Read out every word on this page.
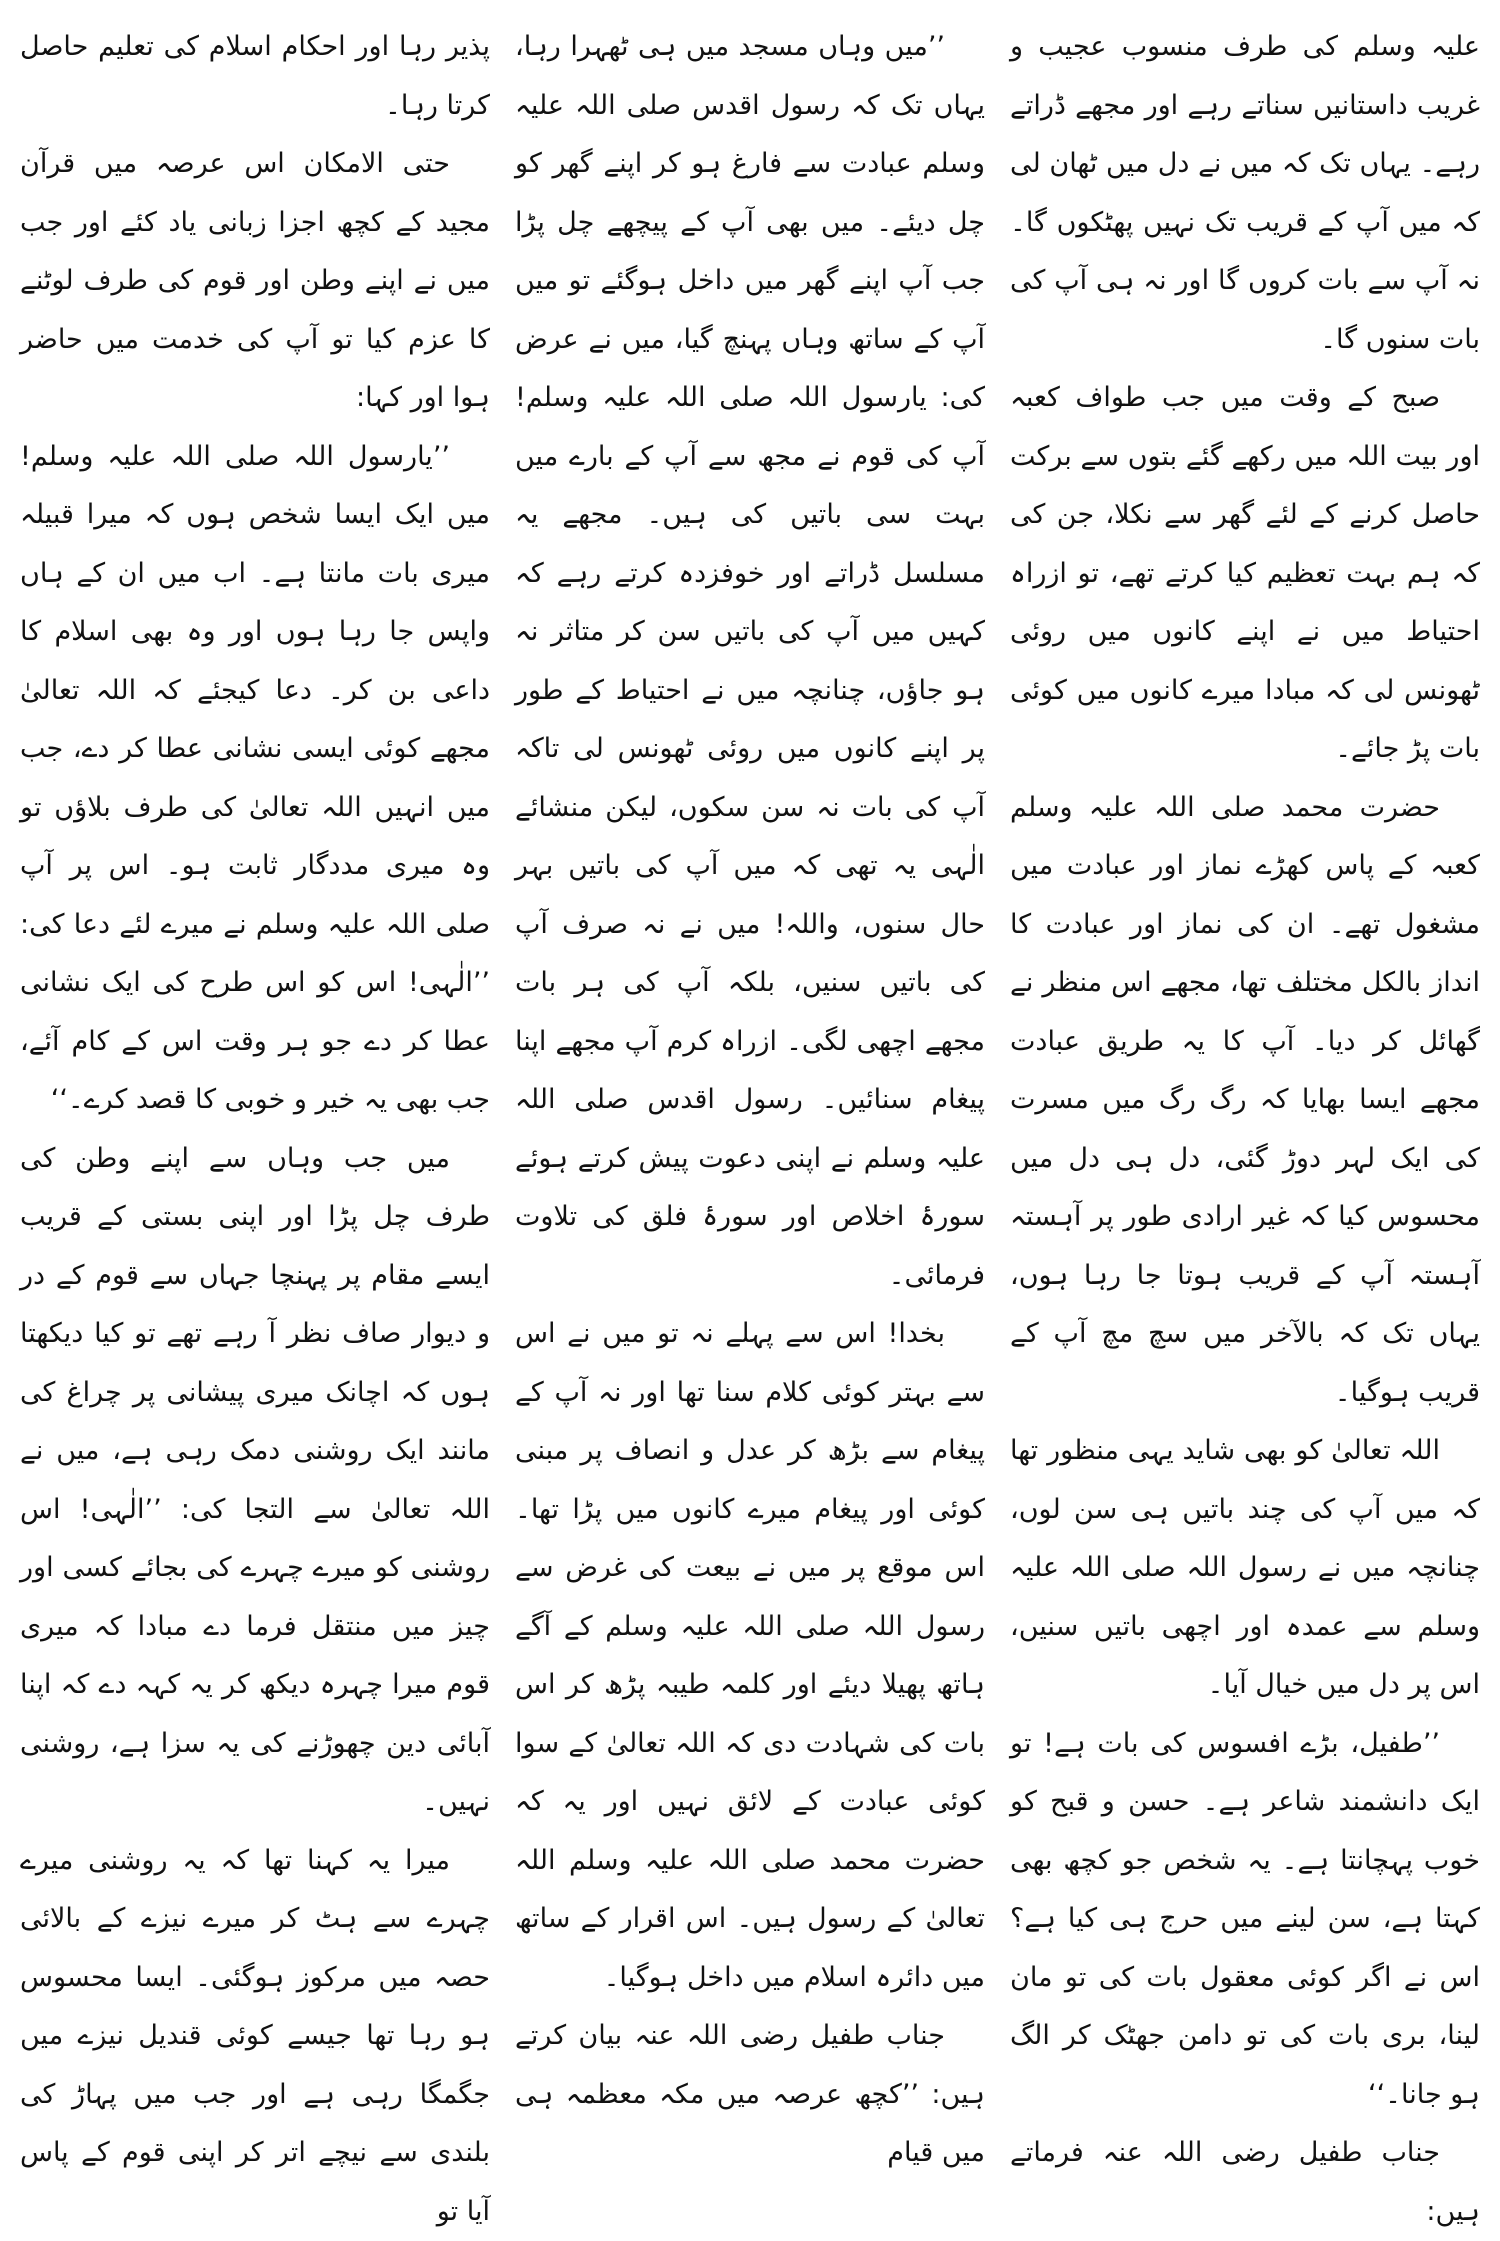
پذیر رہا اور احکام اسلام کی تعلیم حاصل کرتا رہا۔

حتی الامکان اس عرصہ میں قرآن مجید کے کچھ اجزا زبانی یاد کئے اور جب میں نے اپنے وطن اور قوم کی طرف لوٹنے کا عزم کیا تو آپ کی خدمت میں حاضر ہوا اور کہا:

’’یارسول اللہ صلی اللہ علیہ وسلم! میں ایک ایسا شخص ہوں کہ میرا قبیلہ میری بات مانتا ہے۔ اب میں ان کے ہاں واپس جا رہا ہوں اور وہ بھی اسلام کا داعی بن کر۔ دعا کیجئے کہ اللہ تعالیٰ مجھے کوئی ایسی نشانی عطا کر دے، جب میں انہیں اللہ تعالیٰ کی طرف بلاؤں تو وہ میری مددگار ثابت ہو۔ اس پر آپ صلی اللہ علیہ وسلم نے میرے لئے دعا کی: ’’الٰہی! اس کو اس طرح کی ایک نشانی عطا کر دے جو ہر وقت اس کے کام آئے، جب بھی یہ خیر و خوبی کا قصد کرے۔‘‘

میں جب وہاں سے اپنے وطن کی طرف چل پڑا اور اپنی بستی کے قریب ایسے مقام پر پہنچا جہاں سے قوم کے در و دیوار صاف نظر آ رہے تھے تو کیا دیکھتا ہوں کہ اچانک میری پیشانی پر چراغ کی مانند ایک روشنی دمک رہی ہے، میں نے اللہ تعالیٰ سے التجا کی: ’’الٰہی! اس روشنی کو میرے چہرے کی بجائے کسی اور چیز میں منتقل فرما دے مبادا کہ میری قوم میرا چہرہ دیکھ کر یہ کہہ دے کہ اپنا آبائی دین چھوڑنے کی یہ سزا ہے، روشنی نہیں۔

میرا یہ کہنا تھا کہ یہ روشنی میرے چہرے سے ہٹ کر میرے نیزے کے بالائی حصہ میں مرکوز ہوگئی۔ ایسا محسوس ہو رہا تھا جیسے کوئی قندیل نیزے میں جگمگا رہی ہے اور جب میں پہاڑ کی بلندی سے نیچے اتر کر اپنی قوم کے پاس آیا تو

’’میں وہاں مسجد میں ہی ٹھہرا رہا، یہاں تک کہ رسول اقدس صلی اللہ علیہ وسلم عبادت سے فارغ ہو کر اپنے گھر کو چل دیئے۔ میں بھی آپ کے پیچھے چل پڑا جب آپ اپنے گھر میں داخل ہوگئے تو میں آپ کے ساتھ وہاں پہنچ گیا، میں نے عرض کی: یارسول اللہ صلی اللہ علیہ وسلم! آپ کی قوم نے مجھ سے آپ کے بارے میں بہت سی باتیں کی ہیں۔ مجھے یہ مسلسل ڈراتے اور خوفزدہ کرتے رہے کہ کہیں میں آپ کی باتیں سن کر متاثر نہ ہو جاؤں، چنانچہ میں نے احتیاط کے طور پر اپنے کانوں میں روئی ٹھونس لی تاکہ آپ کی بات نہ سن سکوں، لیکن منشائے الٰہی یہ تھی کہ میں آپ کی باتیں بہر حال سنوں، واللہ! میں نے نہ صرف آپ کی باتیں سنیں، بلکہ آپ کی ہر بات مجھے اچھی لگی۔ ازراہ کرم آپ مجھے اپنا پیغام سنائیں۔ رسول اقدس صلی اللہ علیہ وسلم نے اپنی دعوت پیش کرتے ہوئے سورۂ اخلاص اور سورۂ فلق کی تلاوت فرمائی۔

بخدا! اس سے پہلے نہ تو میں نے اس سے بہتر کوئی کلام سنا تھا اور نہ آپ کے پیغام سے بڑھ کر عدل و انصاف پر مبنی کوئی اور پیغام میرے کانوں میں پڑا تھا۔ اس موقع پر میں نے بیعت کی غرض سے رسول اللہ صلی اللہ علیہ وسلم کے آگے ہاتھ پھیلا دیئے اور کلمہ طیبہ پڑھ کر اس بات کی شہادت دی کہ اللہ تعالیٰ کے سوا کوئی عبادت کے لائق نہیں اور یہ کہ حضرت محمد صلی اللہ علیہ وسلم اللہ تعالیٰ کے رسول ہیں۔ اس اقرار کے ساتھ میں دائرہ اسلام میں داخل ہوگیا۔

جناب طفیل رضی اللہ عنہ بیان کرتے ہیں: ’’کچھ عرصہ میں مکہ معظمہ ہی میں قیام

علیہ وسلم کی طرف منسوب عجیب و غریب داستانیں سناتے رہے اور مجھے ڈراتے رہے۔ یہاں تک کہ میں نے دل میں ٹھان لی کہ میں آپ کے قریب تک نہیں پھٹکوں گا۔ نہ آپ سے بات کروں گا اور نہ ہی آپ کی بات سنوں گا۔

صبح کے وقت میں جب طواف کعبہ اور بیت اللہ میں رکھے گئے بتوں سے برکت حاصل کرنے کے لئے گھر سے نکلا، جن کی کہ ہم بہت تعظیم کیا کرتے تھے، تو ازراہ احتیاط میں نے اپنے کانوں میں روئی ٹھونس لی کہ مبادا میرے کانوں میں کوئی بات پڑ جائے۔

حضرت محمد صلی اللہ علیہ وسلم کعبہ کے پاس کھڑے نماز اور عبادت میں مشغول تھے۔ ان کی نماز اور عبادت کا انداز بالکل مختلف تھا، مجھے اس منظر نے گھائل کر دیا۔ آپ کا یہ طریق عبادت مجھے ایسا بھایا کہ رگ رگ میں مسرت کی ایک لہر دوڑ گئی، دل ہی دل میں محسوس کیا کہ غیر ارادی طور پر آہستہ آہستہ آپ کے قریب ہوتا جا رہا ہوں، یہاں تک کہ بالآخر میں سچ مچ آپ کے قریب ہوگیا۔

اللہ تعالیٰ کو بھی شاید یہی منظور تھا کہ میں آپ کی چند باتیں ہی سن لوں، چنانچہ میں نے رسول اللہ صلی اللہ علیہ وسلم سے عمدہ اور اچھی باتیں سنیں، اس پر دل میں خیال آیا۔

’’طفیل، بڑے افسوس کی بات ہے! تو ایک دانشمند شاعر ہے۔ حسن و قبح کو خوب پہچانتا ہے۔ یہ شخص جو کچھ بھی کہتا ہے، سن لینے میں حرج ہی کیا ہے؟ اس نے اگر کوئی معقول بات کی تو مان لینا، بری بات کی تو دامن جھٹک کر الگ ہو جانا۔‘‘

جناب طفیل رضی اللہ عنہ فرماتے ہیں:
